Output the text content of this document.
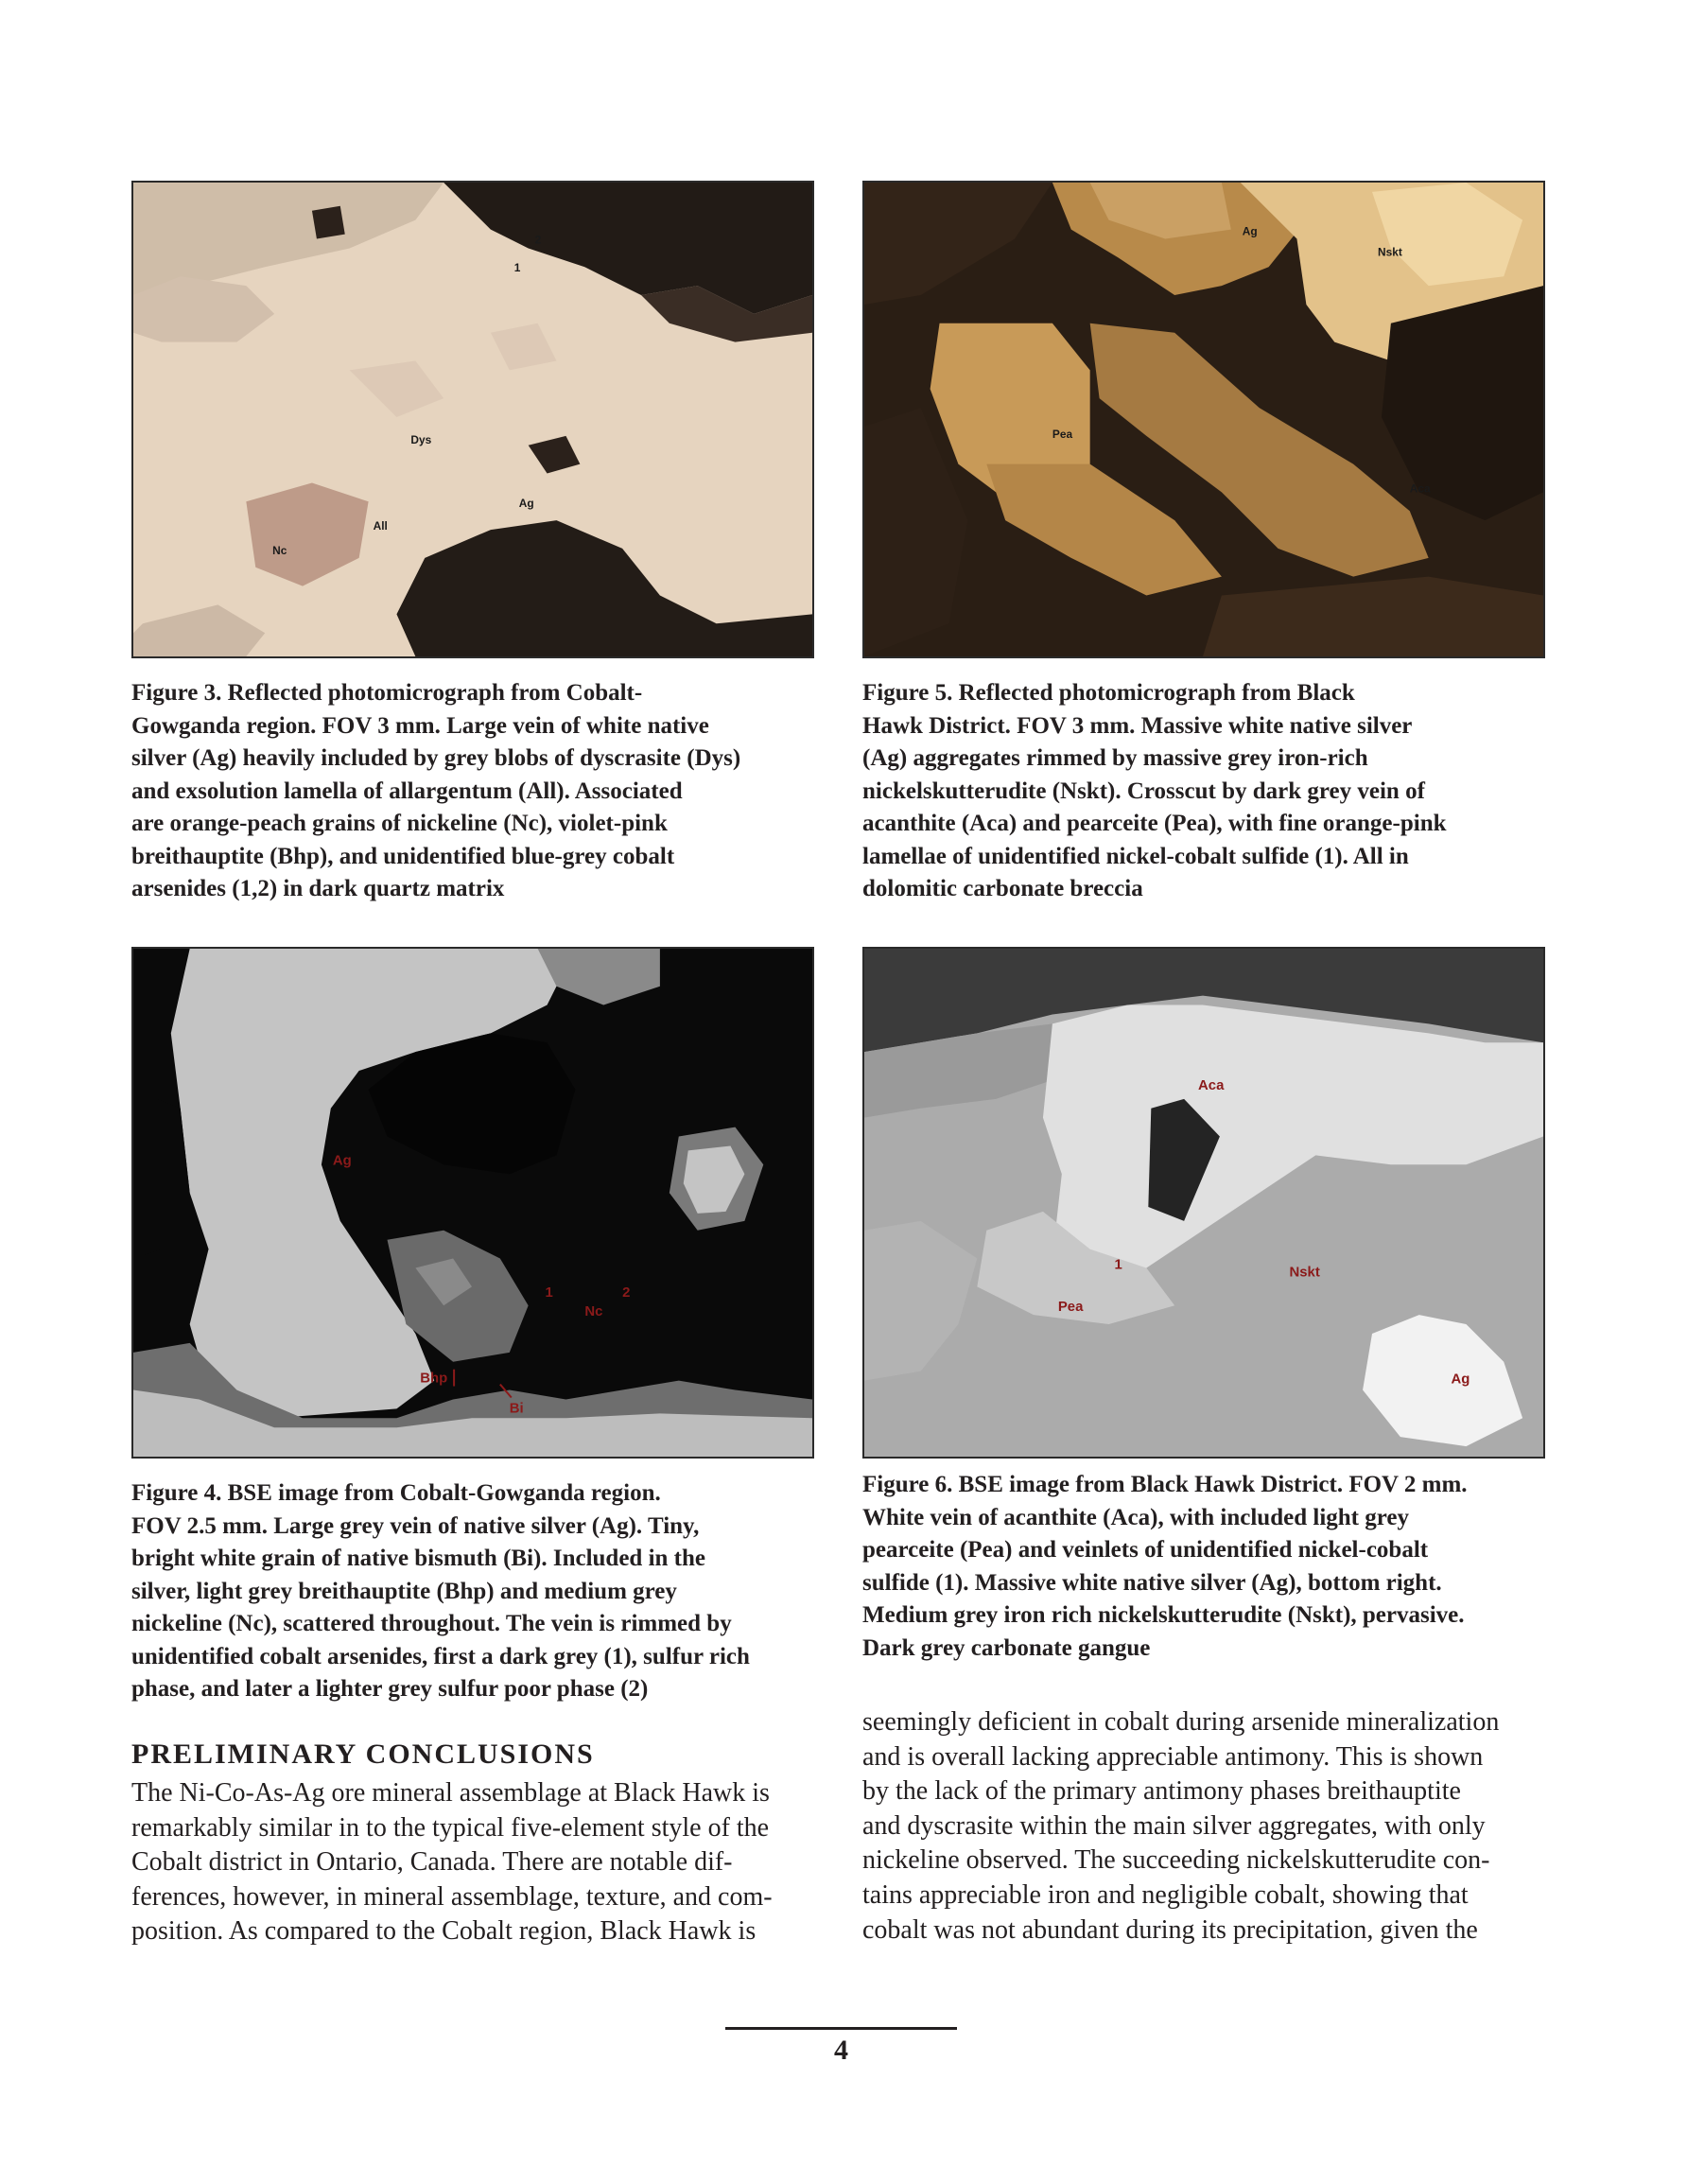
Dys
Ag
All
Nc
1
2
Ag
Nskt
Pea
Aca
Figure 3. Reflected photomicrograph from Cobalt-
Gowganda region. FOV 3 mm. Large vein of white native
silver (Ag) heavily included by grey blobs of dyscrasite (Dys)
and exsolution lamella of allargentum (All). Associated
are orange-peach grains of nickeline (Nc), violet-pink
breithauptite (Bhp), and unidentified blue-grey cobalt
arsenides (1,2) in dark quartz matrix
Figure 5. Reflected photomicrograph from Black
Hawk District. FOV 3 mm. Massive white native silver
(Ag) aggregates rimmed by massive grey iron-rich
nickelskutterudite (Nskt). Crosscut by dark grey vein of
acanthite (Aca) and pearceite (Pea), with fine orange-pink
lamellae of unidentified nickel-cobalt sulfide (1). All in
dolomitic carbonate breccia
Ag
1	2
Nc
Bhp
Bi
Aca
1	Nskt
Pea
Ag
Figure 4. BSE image from Cobalt-Gowganda region.
FOV 2.5 mm. Large grey vein of native silver (Ag). Tiny,
bright white grain of native bismuth (Bi). Included in the
silver, light grey breithauptite (Bhp) and medium grey
nickeline (Nc), scattered throughout. The vein is rimmed by
unidentified cobalt arsenides, first a dark grey (1), sulfur rich
phase, and later a lighter grey sulfur poor phase (2)
Figure 6. BSE image from Black Hawk District. FOV 2 mm.
White vein of acanthite (Aca), with included light grey
pearceite (Pea) and veinlets of unidentified nickel-cobalt
sulfide (1). Massive white native silver (Ag), bottom right.
Medium grey iron rich nickelskutterudite (Nskt), pervasive.
Dark grey carbonate gangue
PRELIMINARY CONCLUSIONS
The Ni-Co-As-Ag ore mineral assemblage at Black Hawk is
remarkably similar in to the typical five-element style of the
Cobalt district in Ontario, Canada. There are notable dif-
ferences, however, in mineral assemblage, texture, and com-
position. As compared to the Cobalt region, Black Hawk is
seemingly deficient in cobalt during arsenide mineralization
and is overall lacking appreciable antimony. This is shown
by the lack of the primary antimony phases breithauptite
and dyscrasite within the main silver aggregates, with only
nickeline observed. The succeeding nickelskutterudite con-
tains appreciable iron and negligible cobalt, showing that
cobalt was not abundant during its precipitation, given the
4
